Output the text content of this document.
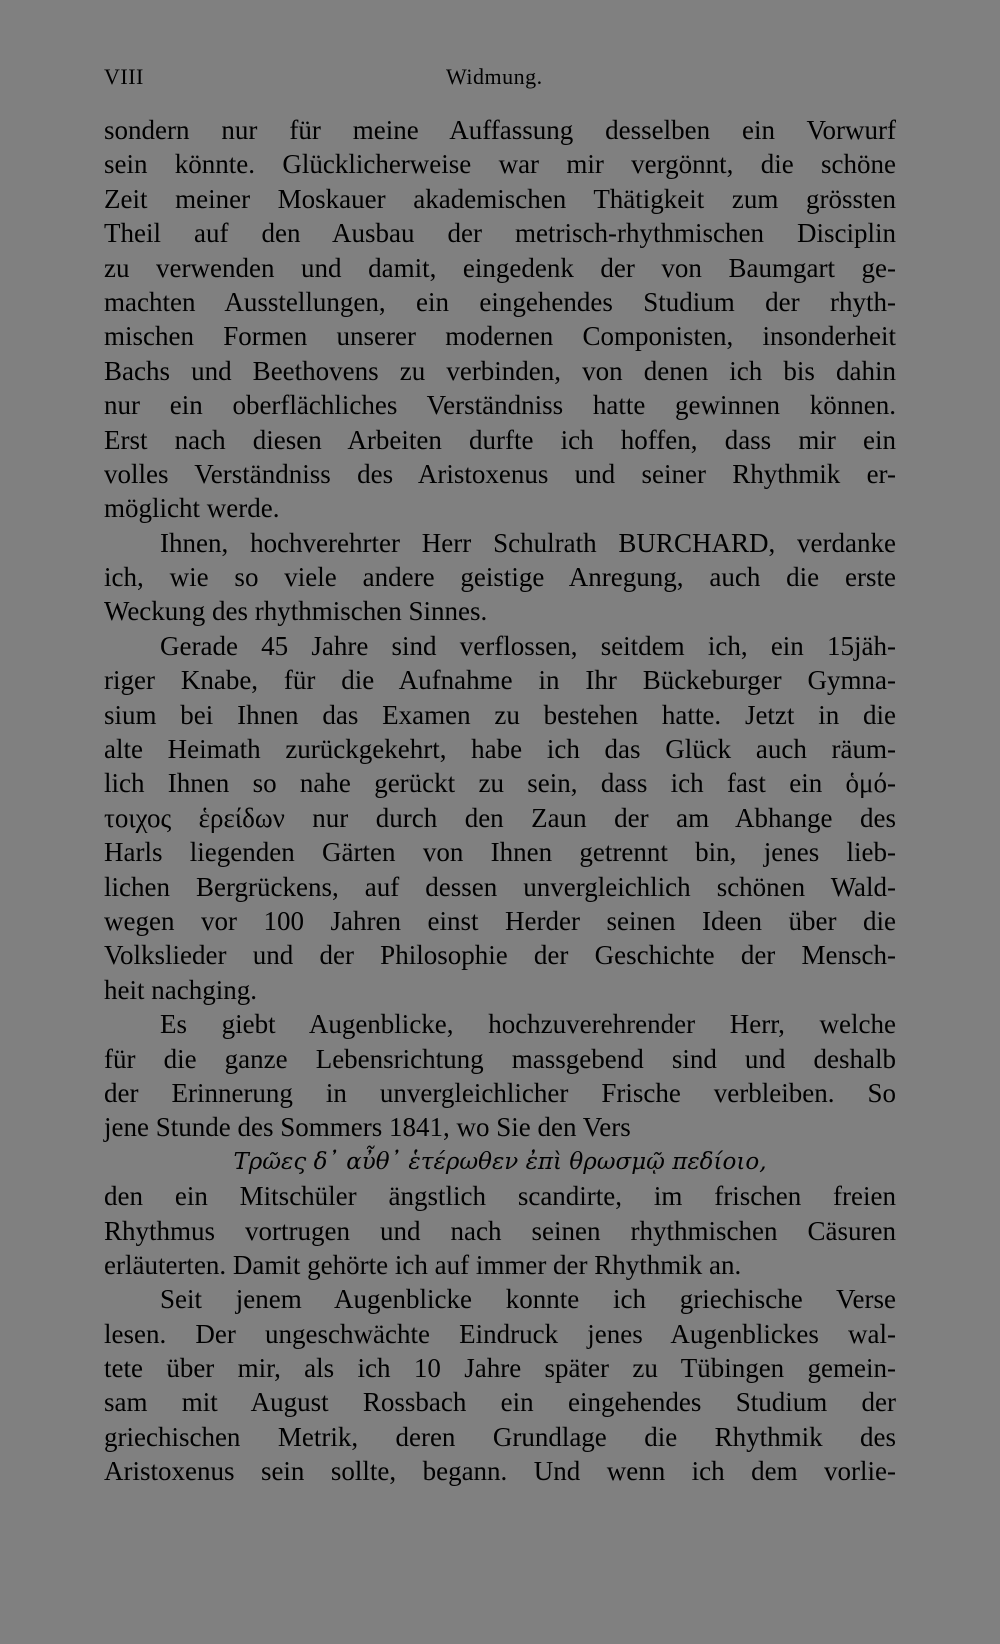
VIII	Widmung.
sondern nur für meine Auffassung desselben ein Vorwurf
sein könnte. Glücklicherweise war mir vergönnt, die schöne
Zeit meiner Moskauer akademischen Thätigkeit zum grössten
Theil auf den Ausbau der metrisch-rhythmischen Disciplin
zu verwenden und damit, eingedenk der von Baumgart ge-
machten Ausstellungen, ein eingehendes Studium der rhyth-
mischen Formen unserer modernen Componisten, insonderheit
Bachs und Beethovens zu verbinden, von denen ich bis dahin
nur ein oberflächliches Verständniss hatte gewinnen können.
Erst nach diesen Arbeiten durfte ich hoffen, dass mir ein
volles Verständniss des Aristoxenus und seiner Rhythmik er-
möglicht werde.
Ihnen, hochverehrter Herr Schulrath BURCHARD, verdanke
ich, wie so viele andere geistige Anregung, auch die erste
Weckung des rhythmischen Sinnes.
Gerade 45 Jahre sind verflossen, seitdem ich, ein 15jäh-
riger Knabe, für die Aufnahme in Ihr Bückeburger Gymna-
sium bei Ihnen das Examen zu bestehen hatte. Jetzt in die
alte Heimath zurückgekehrt, habe ich das Glück auch räum-
lich Ihnen so nahe gerückt zu sein, dass ich fast ein ὁμό-
τοιχος ἑρείδων nur durch den Zaun der am Abhange des
Harls liegenden Gärten von Ihnen getrennt bin, jenes lieb-
lichen Bergrückens, auf dessen unvergleichlich schönen Wald-
wegen vor 100 Jahren einst Herder seinen Ideen über die
Volkslieder und der Philosophie der Geschichte der Mensch-
heit nachging.
Es giebt Augenblicke, hochzuverehrender Herr, welche
für die ganze Lebensrichtung massgebend sind und deshalb
der Erinnerung in unvergleichlicher Frische verbleiben. So
jene Stunde des Sommers 1841, wo Sie den Vers
Τρῶες δ᾿ αὖθ᾿ ἑτέρωθεν ἐπὶ θρωσμῷ πεδίοιο,
den ein Mitschüler ängstlich scandirte, im frischen freien
Rhythmus vortrugen und nach seinen rhythmischen Cäsuren
erläuterten. Damit gehörte ich auf immer der Rhythmik an.
Seit jenem Augenblicke konnte ich griechische Verse
lesen. Der ungeschwächte Eindruck jenes Augenblickes wal-
tete über mir, als ich 10 Jahre später zu Tübingen gemein-
sam mit August Rossbach ein eingehendes Studium der
griechischen Metrik, deren Grundlage die Rhythmik des
Aristoxenus sein sollte, begann. Und wenn ich dem vorlie-
